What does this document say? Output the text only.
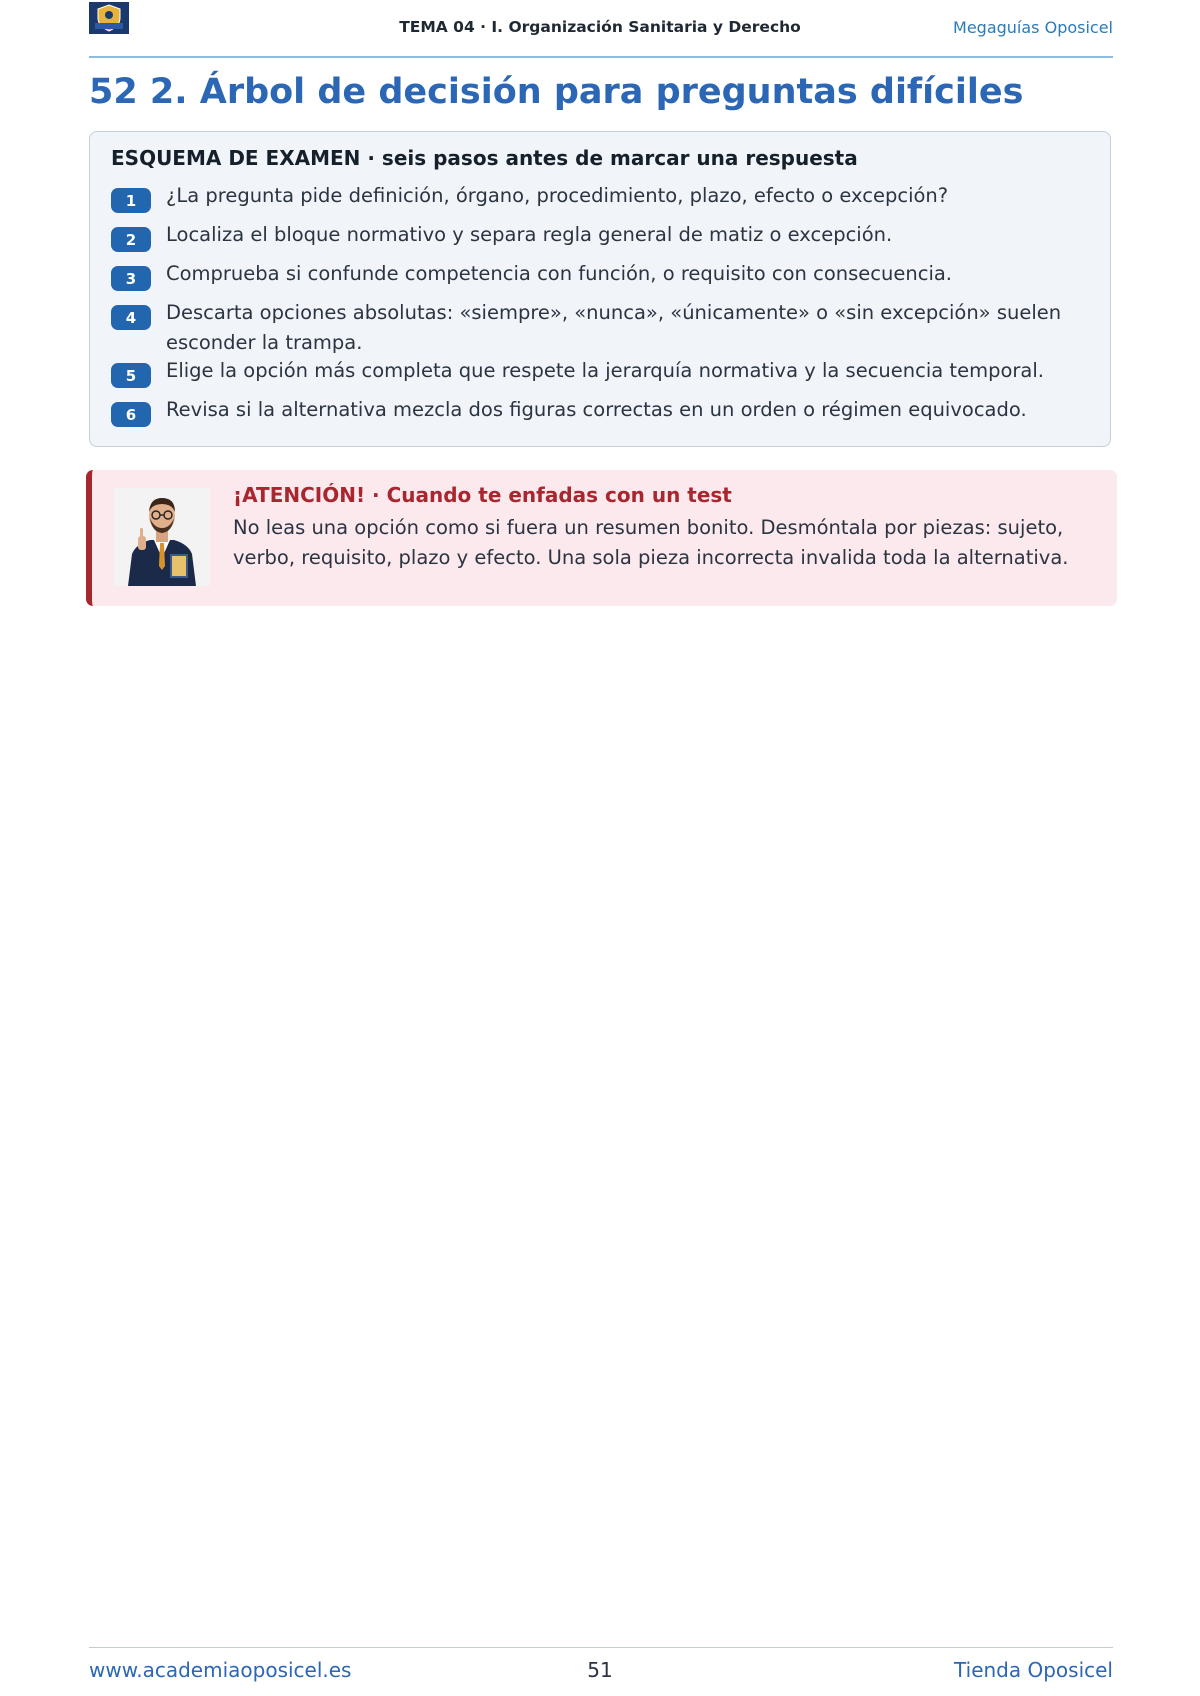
TEMA 04 · I. Organización Sanitaria y Derecho	Megaguías Oposicel
52 2. Árbol de decisión para preguntas difíciles
ESQUEMA DE EXAMEN · seis pasos antes de marcar una respuesta
1	¿La pregunta pide definición, órgano, procedimiento, plazo, efecto o excepción?
2	Localiza el bloque normativo y separa regla general de matiz o excepción.
3	Comprueba si confunde competencia con función, o requisito con consecuencia.
4	Descarta opciones absolutas: «siempre», «nunca», «únicamente» o «sin excepción» suelen esconder la trampa.
5	Elige la opción más completa que respete la jerarquía normativa y la secuencia temporal.
6	Revisa si la alternativa mezcla dos figuras correctas en un orden o régimen equivocado.
¡ATENCIÓN! · Cuando te enfadas con un test
No leas una opción como si fuera un resumen bonito. Desmóntala por piezas: sujeto, verbo, requisito, plazo y efecto. Una sola pieza incorrecta invalida toda la alternativa.
www.academiaoposicel.es	51	Tienda Oposicel
